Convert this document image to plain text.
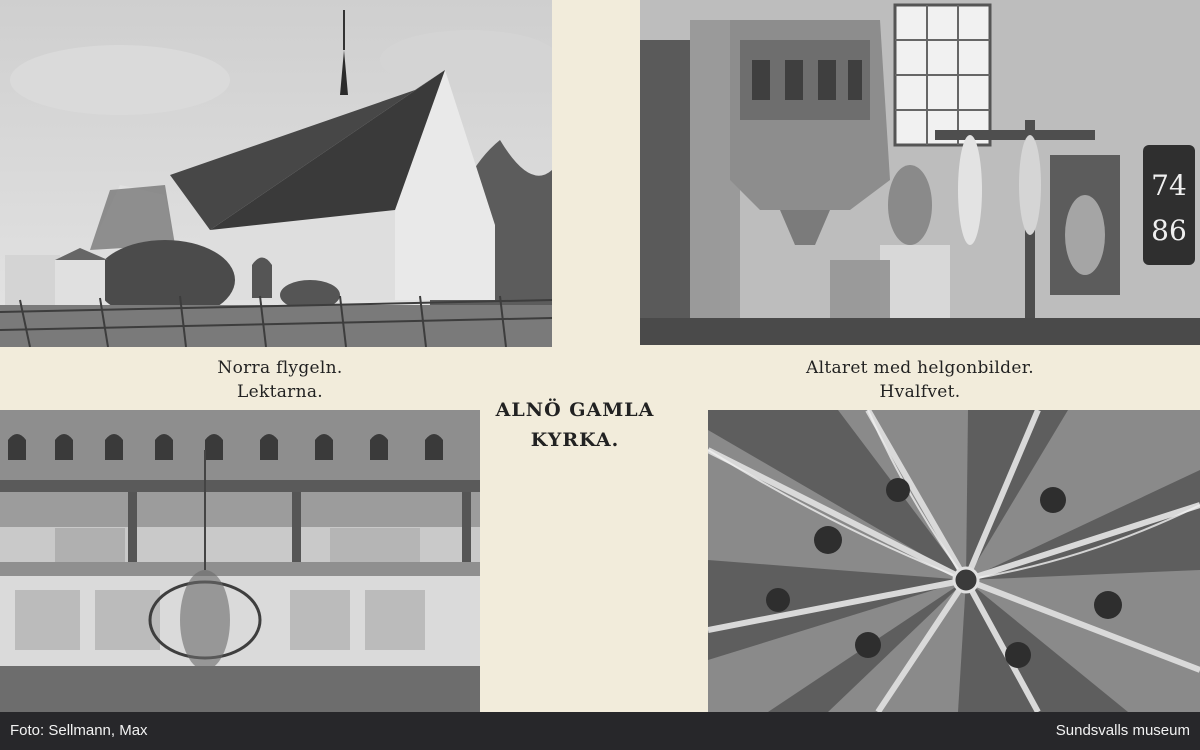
74
86
Norra flygeln.
Lektarna.
Altaret med helgonbilder.
Hvalfvet.
ALNÖ GAMLA
KYRKA.
Foto: Sellmann, Max	Sundsvalls museum
